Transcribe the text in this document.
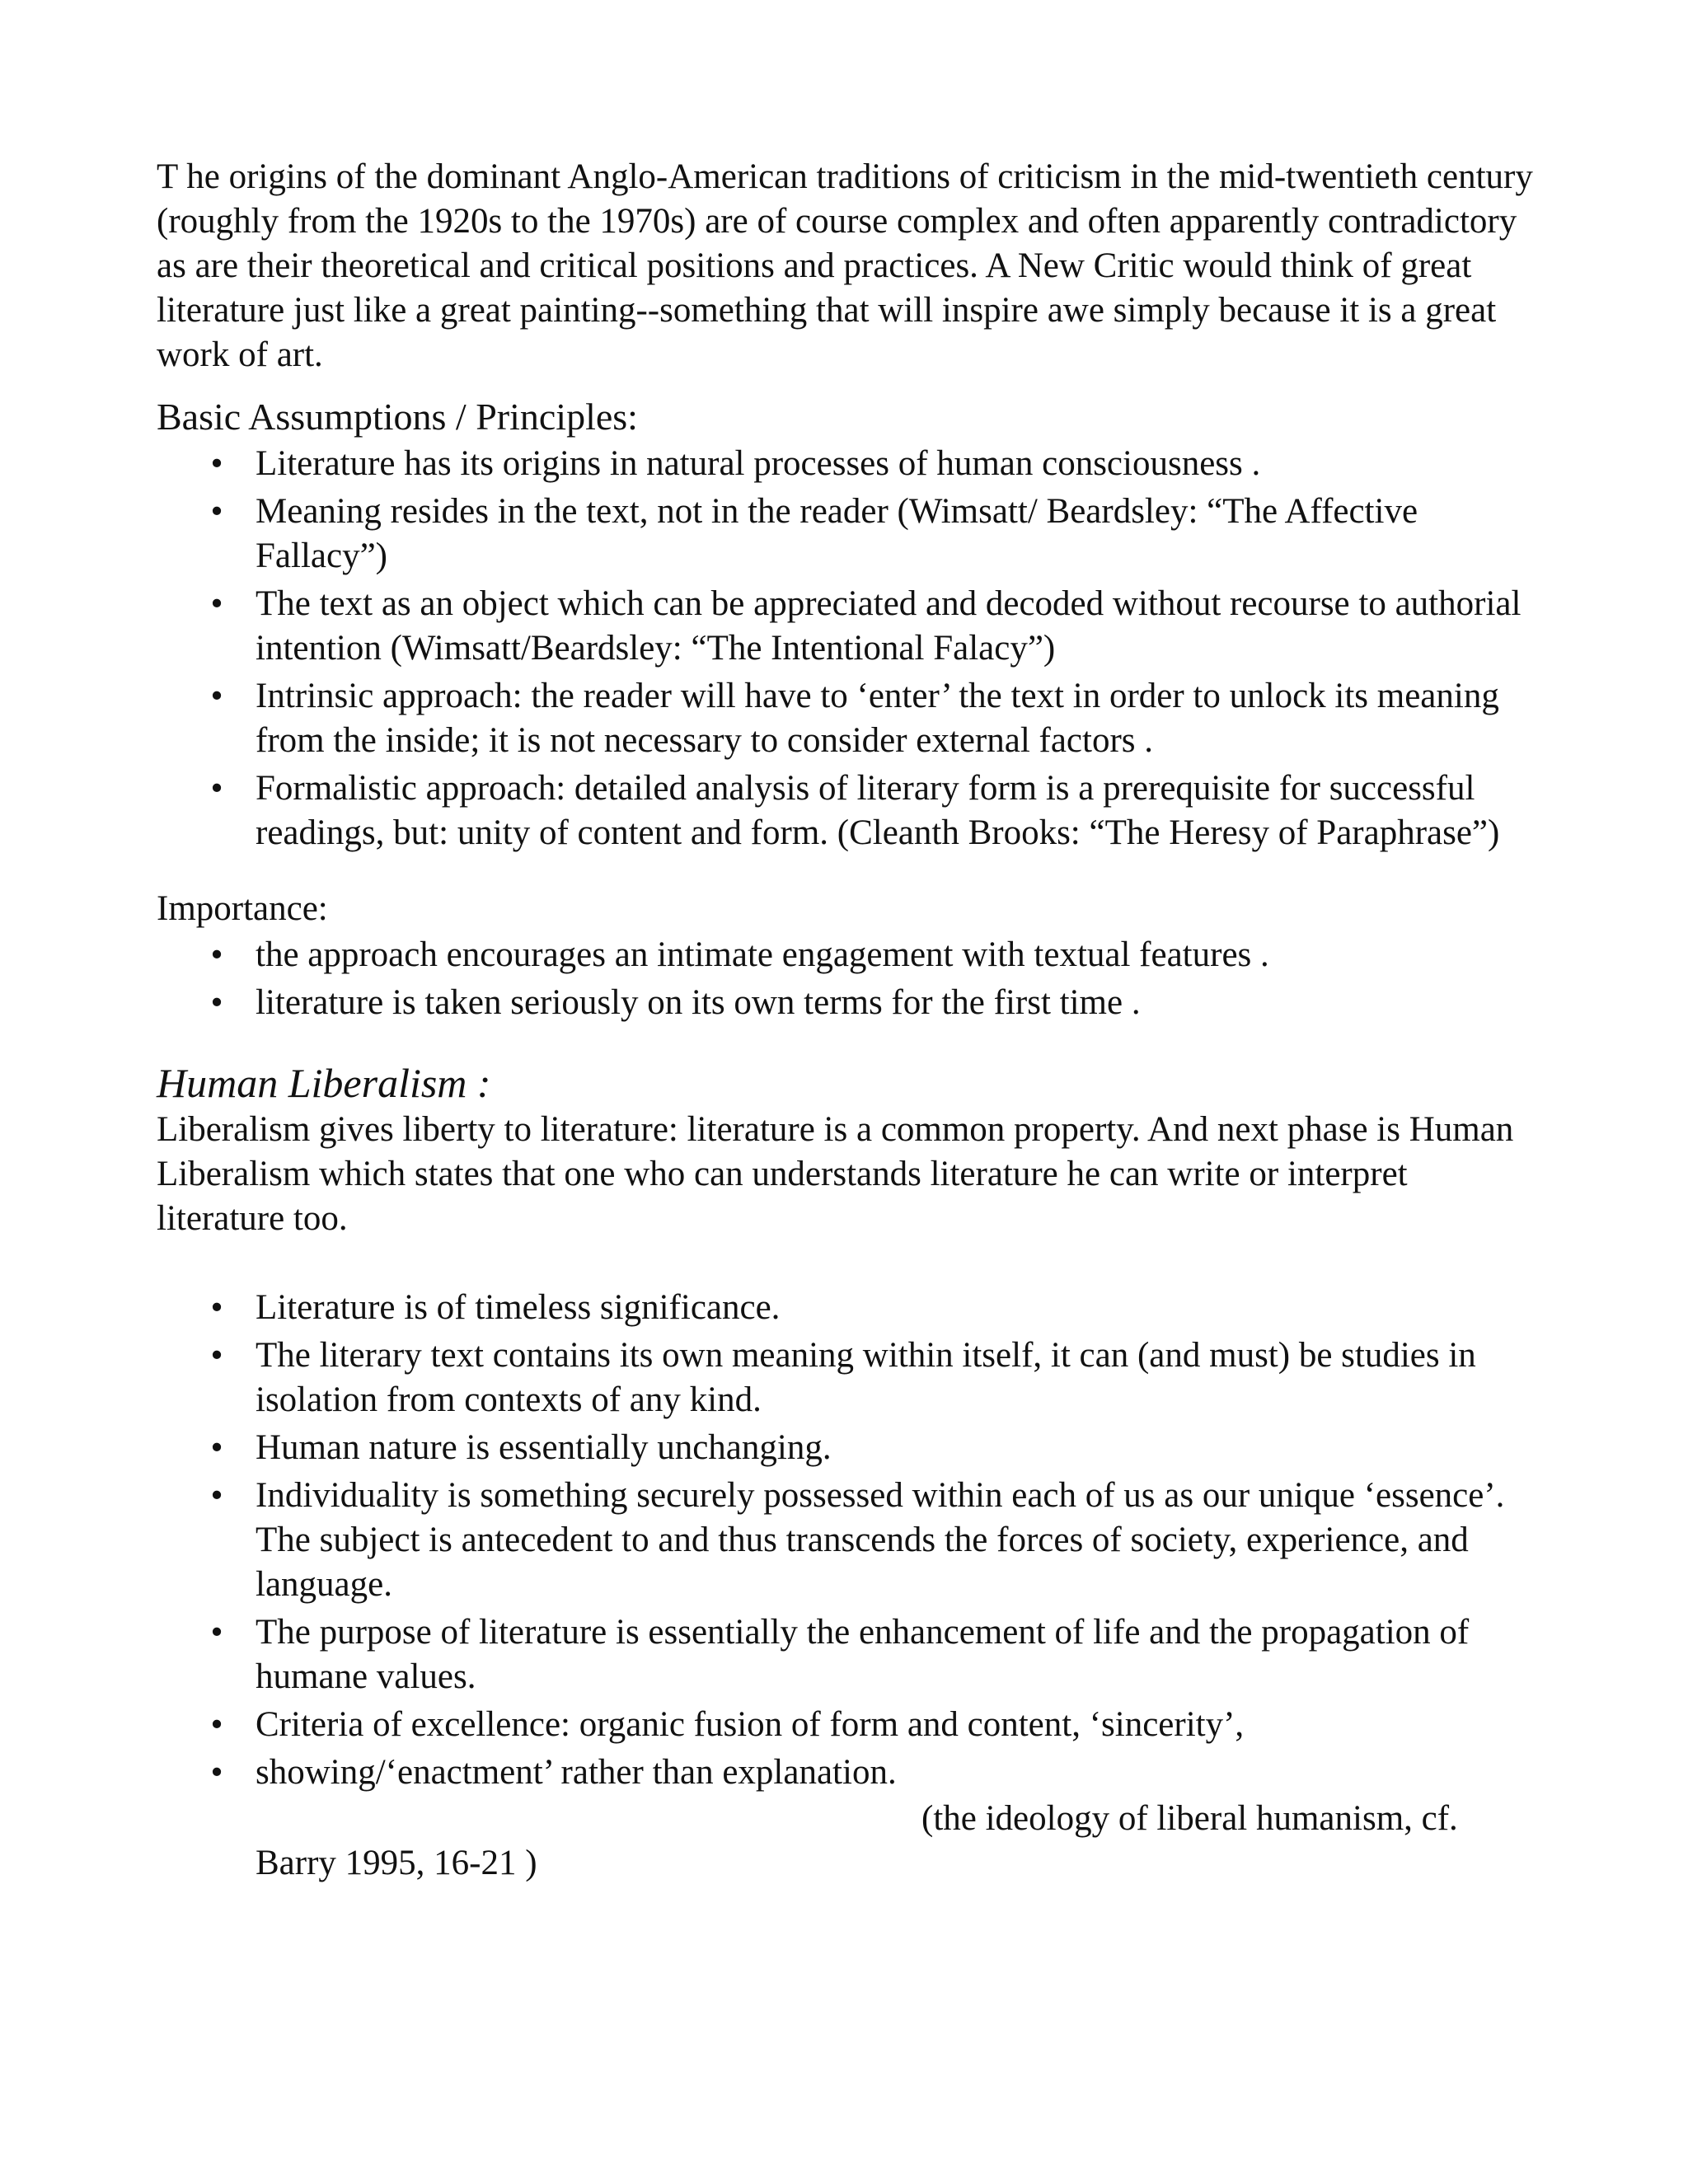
T he origins of the dominant Anglo-American traditions of criticism in the mid-twentieth century (roughly from the 1920s to the 1970s) are of course complex and often apparently contradictory as are their theoretical and critical positions and practices. A New Critic would think of great literature just like a great painting--something that will inspire awe simply because it is a great work of art.

Basic Assumptions / Principles:

• Literature has its origins in natural processes of human consciousness .
• Meaning resides in the text, not in the reader (Wimsatt/ Beardsley: “The Affective Fallacy”)
• The text as an object which can be appreciated and decoded without recourse to authorial intention (Wimsatt/Beardsley: “The Intentional Falacy”)
• Intrinsic approach: the reader will have to ‘enter’ the text in order to unlock its meaning from the inside; it is not necessary to consider external factors .
• Formalistic approach: detailed analysis of literary form is a prerequisite for successful readings, but: unity of content and form. (Cleanth Brooks: “The Heresy of Paraphrase”)

Importance:

• the approach encourages an intimate engagement with textual features .
• literature is taken seriously on its own terms for the first time .

Human Liberalism :

Liberalism gives liberty to literature: literature is a common property. And next phase is Human Liberalism which states that one who can understands literature he can write or interpret literature too.

• Literature is of timeless significance.
• The literary text contains its own meaning within itself, it can (and must) be studies in isolation from contexts of any kind.
• Human nature is essentially unchanging.
• Individuality is something securely possessed within each of us as our unique ‘essence’. The subject is antecedent to and thus transcends the forces of society, experience, and language.
• The purpose of literature is essentially the enhancement of life and the propagation of humane values.
• Criteria of excellence: organic fusion of form and content, ‘sincerity’,
• showing/‘enactment’ rather than explanation.

(the ideology of liberal humanism, cf. Barry 1995, 16-21 )
